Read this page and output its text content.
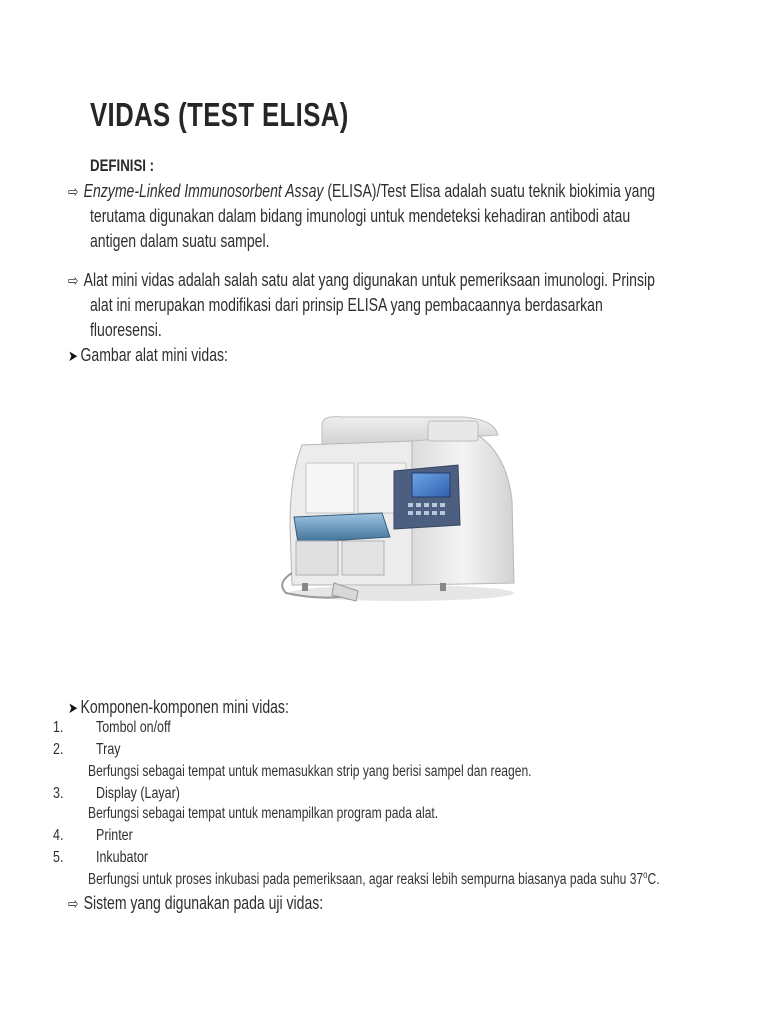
VIDAS (TEST ELISA)
DEFINISI :
⇨ Enzyme-Linked Immunosorbent Assay (ELISA)/Test Elisa adalah suatu teknik biokimia yang
terutama digunakan dalam bidang imunologi untuk mendeteksi kehadiran antibodi atau
antigen dalam suatu sampel.
⇨ Alat mini vidas adalah salah satu alat yang digunakan untuk pemeriksaan imunologi. Prinsip
alat ini merupakan modifikasi dari prinsip ELISA yang pembacaannya berdasarkan
fluoresensi.
➤ Gambar alat mini vidas:
➤ Komponen-komponen mini vidas:
1. Tombol on/off
2. Tray
Berfungsi sebagai tempat untuk memasukkan strip yang berisi sampel dan reagen.
3. Display (Layar)
Berfungsi sebagai tempat untuk menampilkan program pada alat.
4. Printer
5. Inkubator
Berfungsi untuk proses inkubasi pada pemeriksaan, agar reaksi lebih sempurna biasanya pada suhu 37$^o$C.
⇨ Sistem yang digunakan pada uji vidas:
